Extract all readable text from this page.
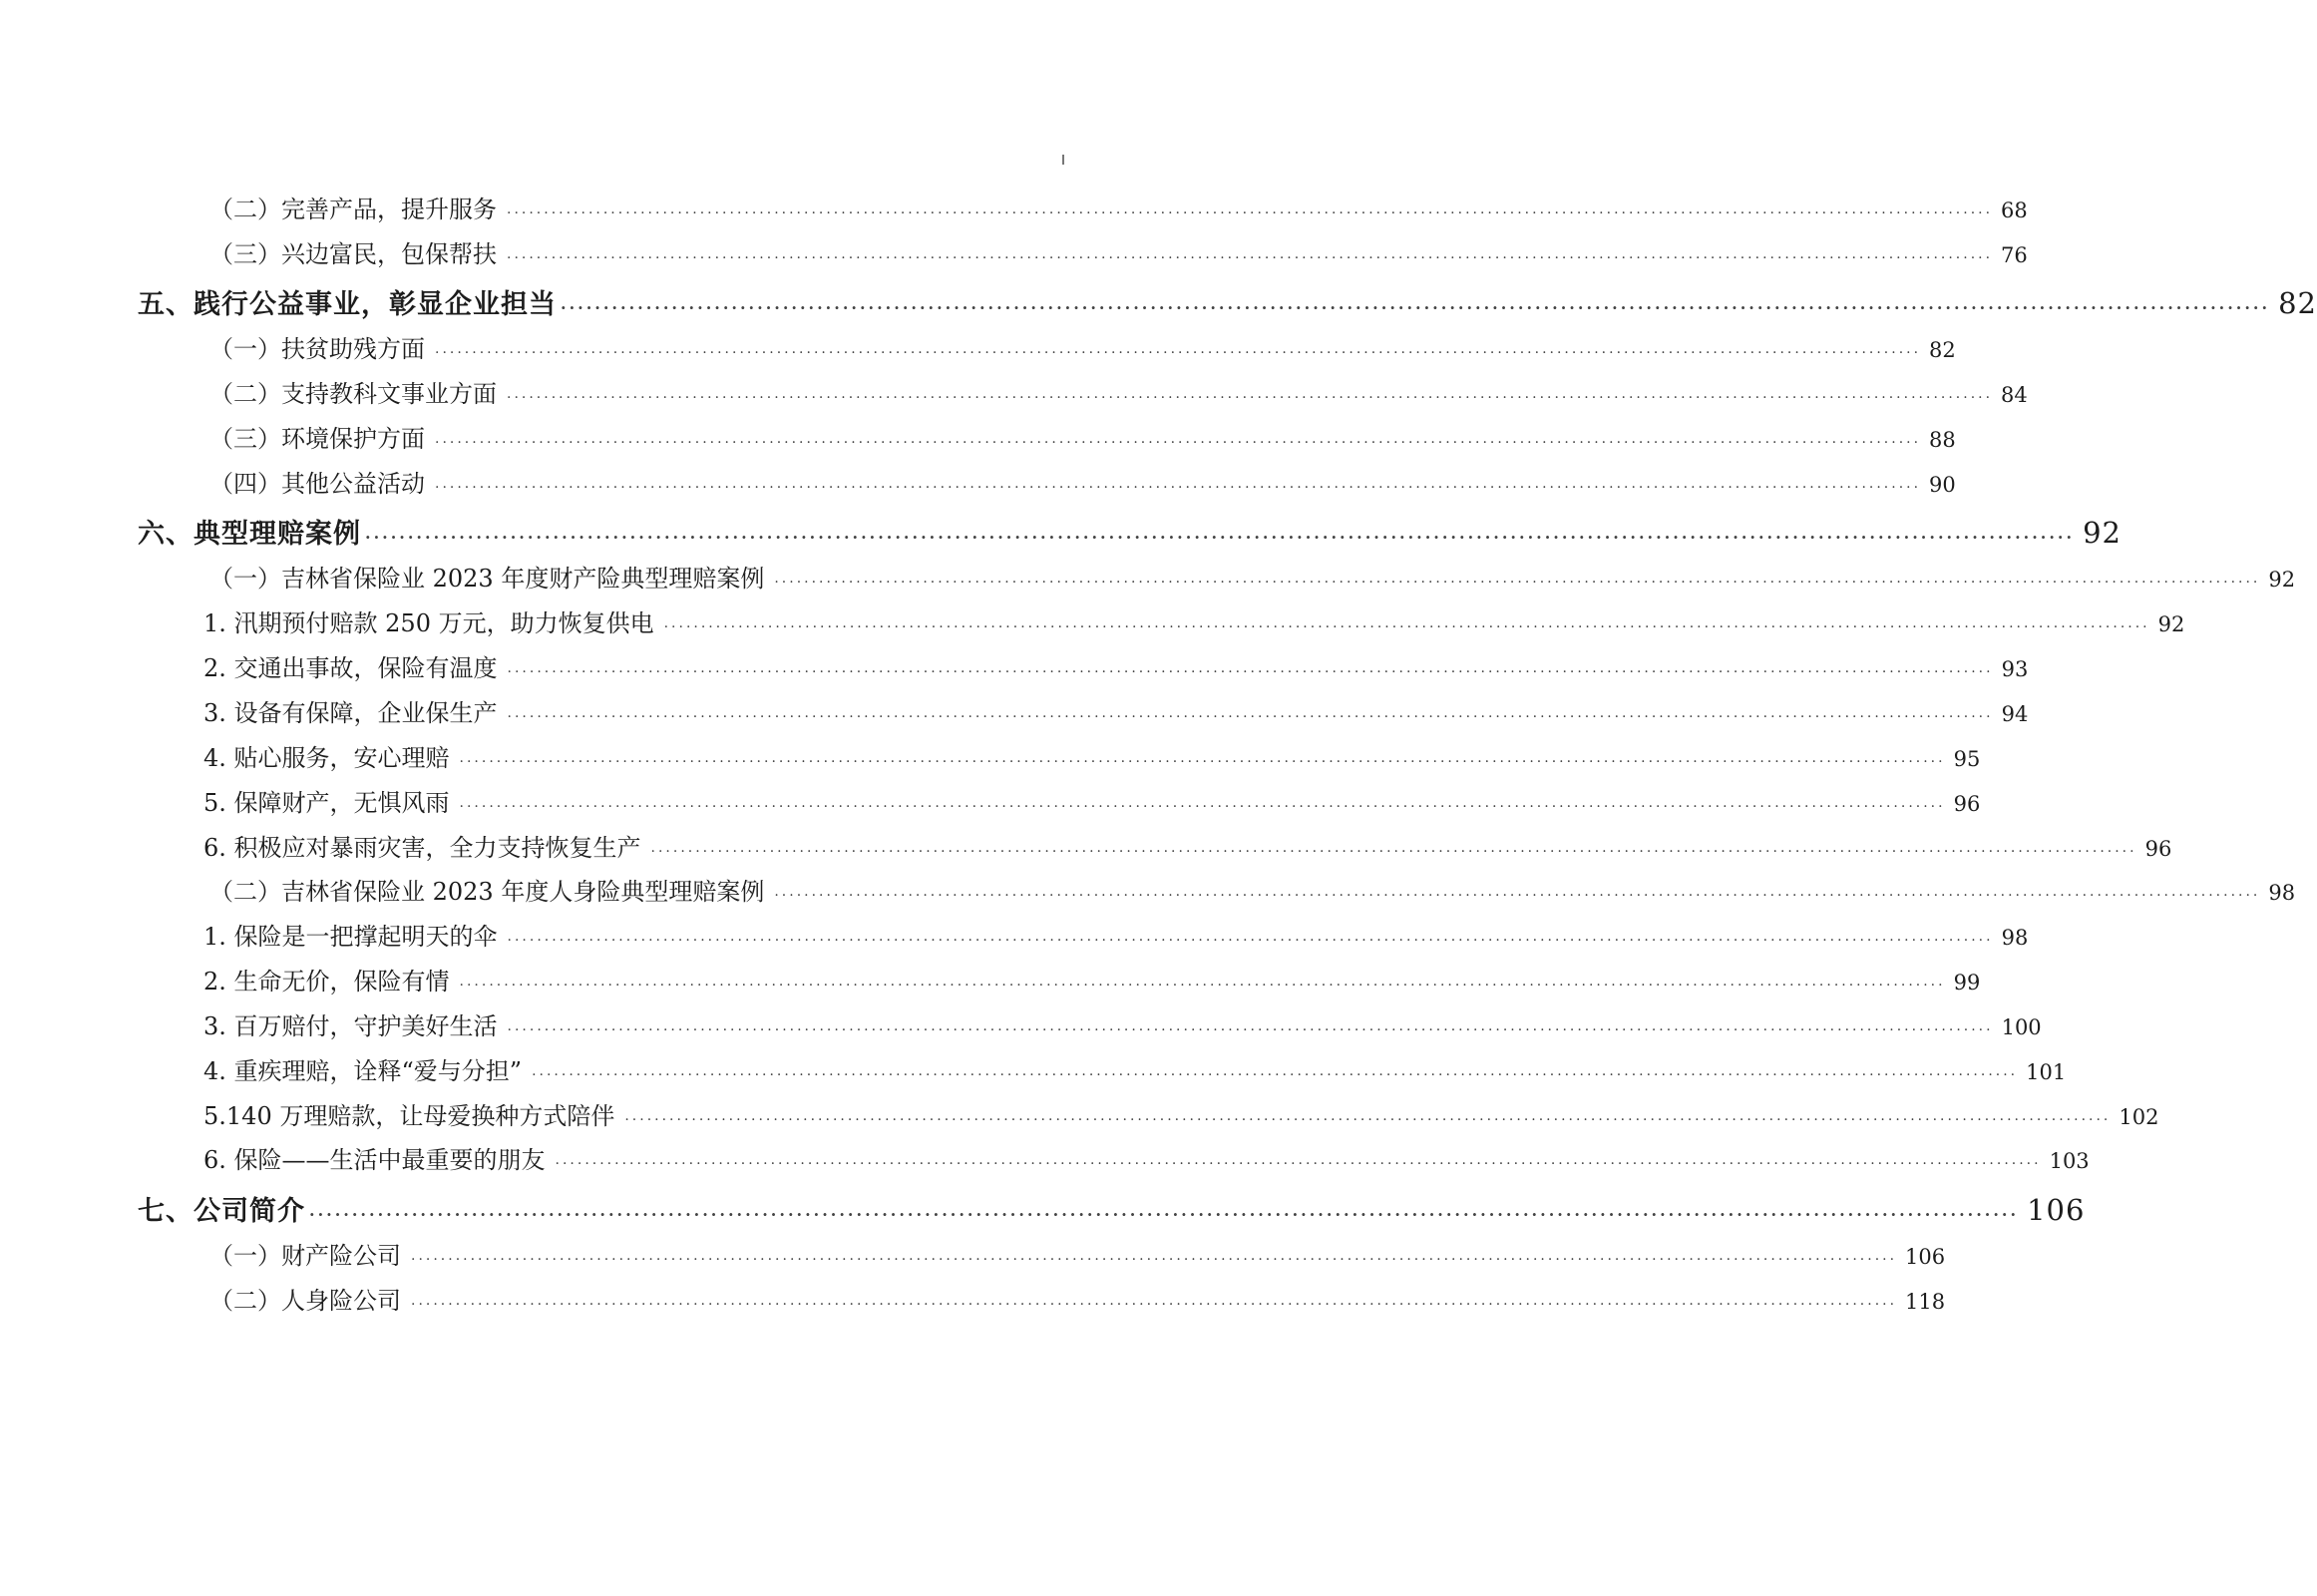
（二）完善产品，提升服务 ········································································································································································································ 68
（三）兴边富民，包保帮扶 ········································································································································································································ 76
五、践行公益事业，彰显企业担当 ········································································································································································································ 82
（一）扶贫助残方面 ········································································································································································································ 82
（二）支持教科文事业方面 ········································································································································································································ 84
（三）环境保护方面 ········································································································································································································ 88
（四）其他公益活动 ········································································································································································································ 90
六、典型理赔案例 ········································································································································································································ 92
（一）吉林省保险业 2023 年度财产险典型理赔案例 ········································································································································································································ 92
1. 汛期预付赔款 250 万元，助力恢复供电 ········································································································································································································ 92
2. 交通出事故，保险有温度 ········································································································································································································ 93
3. 设备有保障，企业保生产 ········································································································································································································ 94
4. 贴心服务，安心理赔 ········································································································································································································ 95
5. 保障财产，无惧风雨 ········································································································································································································ 96
6. 积极应对暴雨灾害，全力支持恢复生产 ········································································································································································································ 96
（二）吉林省保险业 2023 年度人身险典型理赔案例 ········································································································································································································ 98
1. 保险是一把撑起明天的伞 ········································································································································································································ 98
2. 生命无价，保险有情 ········································································································································································································ 99
3. 百万赔付，守护美好生活 ········································································································································································································ 100
4. 重疾理赔，诠释“爱与分担” ········································································································································································································ 101
5.140 万理赔款，让母爱换种方式陪伴 ········································································································································································································ 102
6. 保险——生活中最重要的朋友 ········································································································································································································ 103
七、公司简介 ········································································································································································································ 106
（一）财产险公司 ········································································································································································································ 106
（二）人身险公司 ········································································································································································································ 118
